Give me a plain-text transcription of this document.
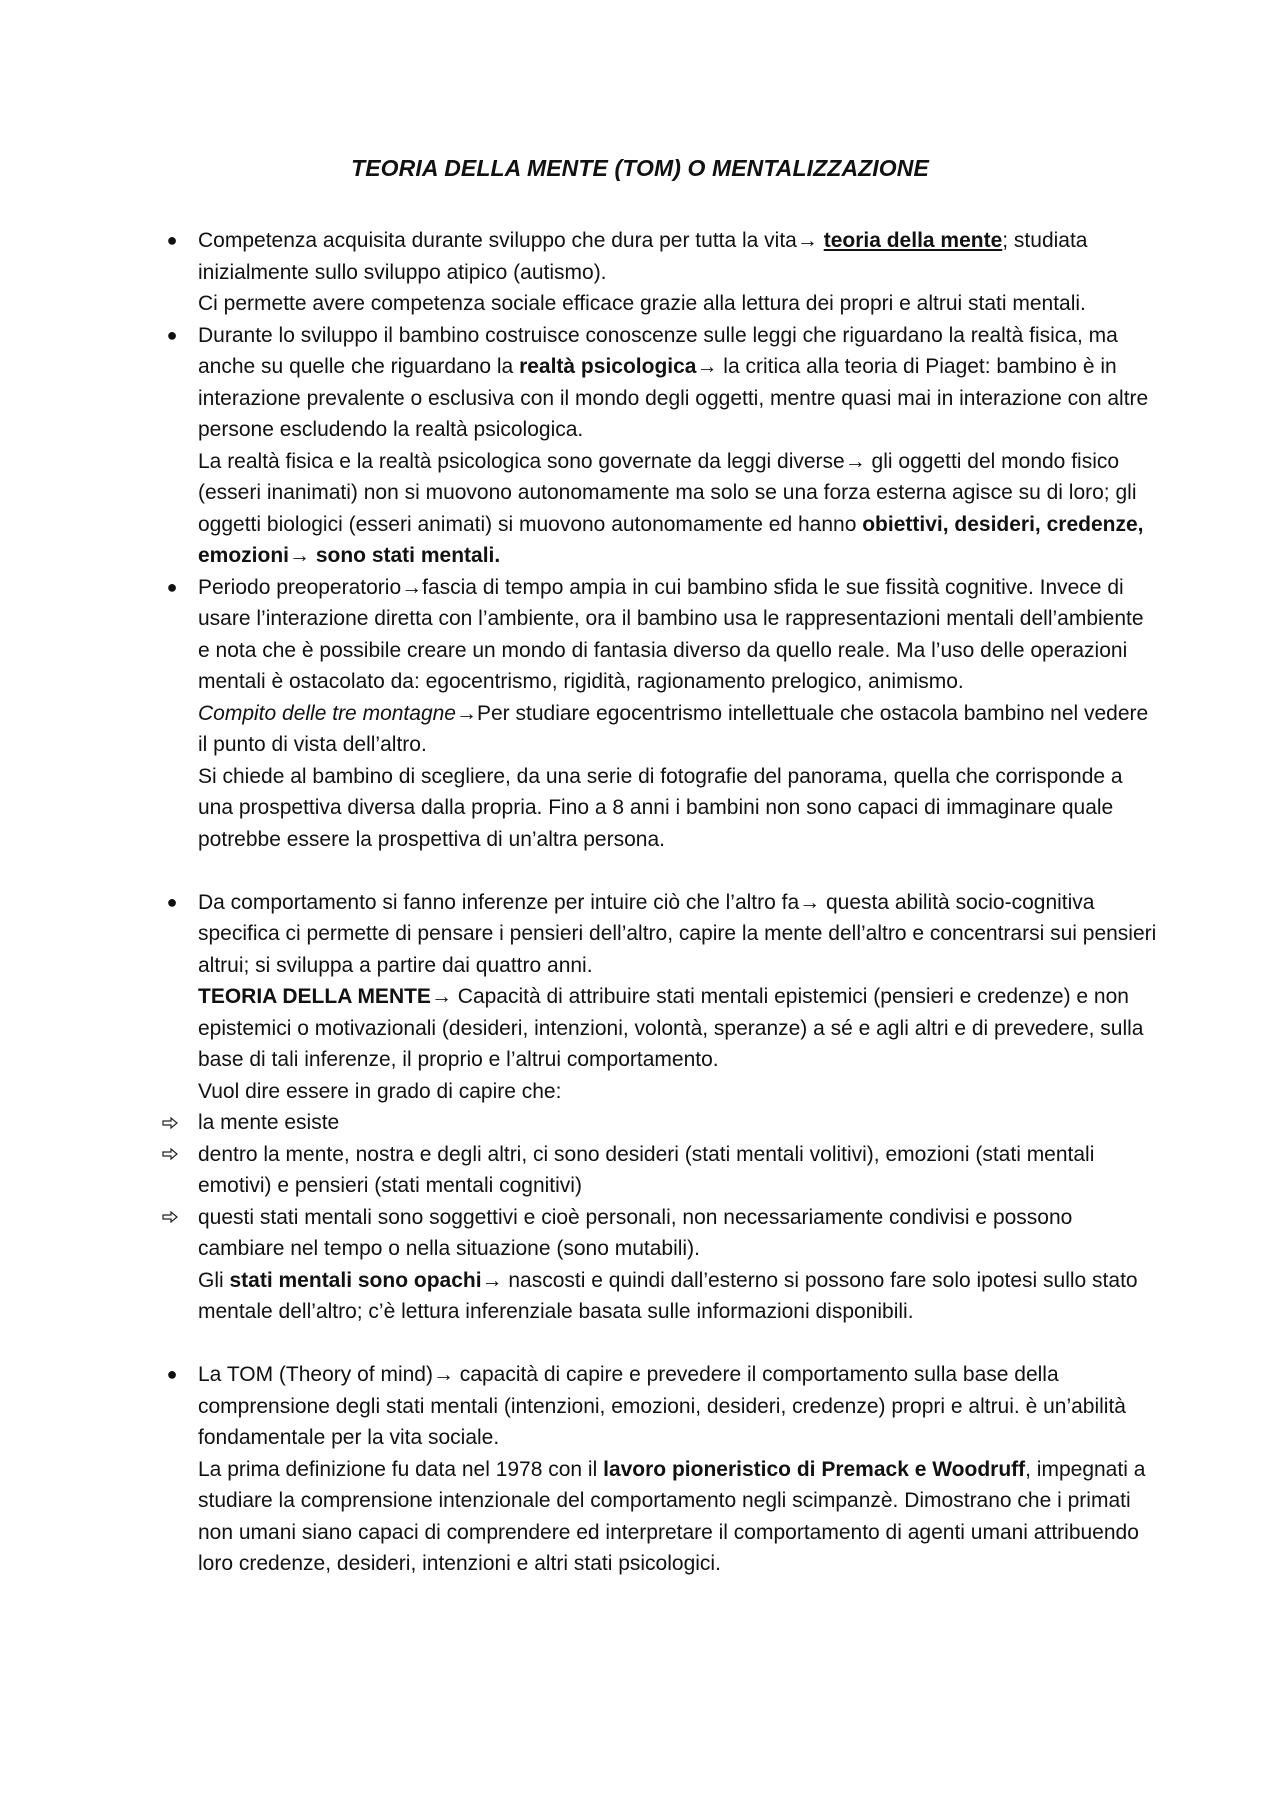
TEORIA DELLA MENTE (TOM) O MENTALIZZAZIONE
● Competenza acquisita durante sviluppo che dura per tutta la vita→ teoria della mente; studiata inizialmente sullo sviluppo atipico (autismo).

Ci permette avere competenza sociale efficace grazie alla lettura dei propri e altrui stati mentali.

● Durante lo sviluppo il bambino costruisce conoscenze sulle leggi che riguardano la realtà fisica, ma anche su quelle che riguardano la realtà psicologica→ la critica alla teoria di Piaget: bambino è in interazione prevalente o esclusiva con il mondo degli oggetti, mentre quasi mai in interazione con altre persone escludendo la realtà psicologica.

La realtà fisica e la realtà psicologica sono governate da leggi diverse→ gli oggetti del mondo fisico (esseri inanimati) non si muovono autonomamente ma solo se una forza esterna agisce su di loro; gli oggetti biologici (esseri animati) si muovono autonomamente ed hanno obiettivi, desideri, credenze, emozioni→ sono stati mentali.

● Periodo preoperatorio→fascia di tempo ampia in cui bambino sfida le sue fissità cognitive. Invece di usare l’interazione diretta con l’ambiente, ora il bambino usa le rappresentazioni mentali dell’ambiente e nota che è possibile creare un mondo di fantasia diverso da quello reale. Ma l’uso delle operazioni mentali è ostacolato da: egocentrismo, rigidità, ragionamento prelogico, animismo.

Compito delle tre montagne→Per studiare egocentrismo intellettuale che ostacola bambino nel vedere il punto di vista dell’altro.

Si chiede al bambino di scegliere, da una serie di fotografie del panorama, quella che corrisponde a una prospettiva diversa dalla propria. Fino a 8 anni i bambini non sono capaci di immaginare quale potrebbe essere la prospettiva di un’altra persona.

● Da comportamento si fanno inferenze per intuire ciò che l’altro fa→ questa abilità socio-cognitiva specifica ci permette di pensare i pensieri dell’altro, capire la mente dell’altro e concentrarsi sui pensieri altrui; si sviluppa a partire dai quattro anni.

TEORIA DELLA MENTE→ Capacità di attribuire stati mentali epistemici (pensieri e credenze) e non epistemici o motivazionali (desideri, intenzioni, volontà, speranze) a sé e agli altri e di prevedere, sulla base di tali inferenze, il proprio e l’altrui comportamento.

Vuol dire essere in grado di capire che:

la mente esiste

dentro la mente, nostra e degli altri, ci sono desideri (stati mentali volitivi), emozioni (stati mentali emotivi) e pensieri (stati mentali cognitivi)

questi stati mentali sono soggettivi e cioè personali, non necessariamente condivisi e possono cambiare nel tempo o nella situazione (sono mutabili).

Gli stati mentali sono opachi→ nascosti e quindi dall’esterno si possono fare solo ipotesi sullo stato mentale dell’altro; c’è lettura inferenziale basata sulle informazioni disponibili.

● La TOM (Theory of mind)→ capacità di capire e prevedere il comportamento sulla base della comprensione degli stati mentali (intenzioni, emozioni, desideri, credenze) propri e altrui. è un’abilità fondamentale per la vita sociale.

La prima definizione fu data nel 1978 con il lavoro pioneristico di Premack e Woodruff, impegnati a studiare la comprensione intenzionale del comportamento negli scimpanzè. Dimostrano che i primati non umani siano capaci di comprendere ed interpretare il comportamento di agenti umani attribuendo loro credenze, desideri, intenzioni e altri stati psicologici.
